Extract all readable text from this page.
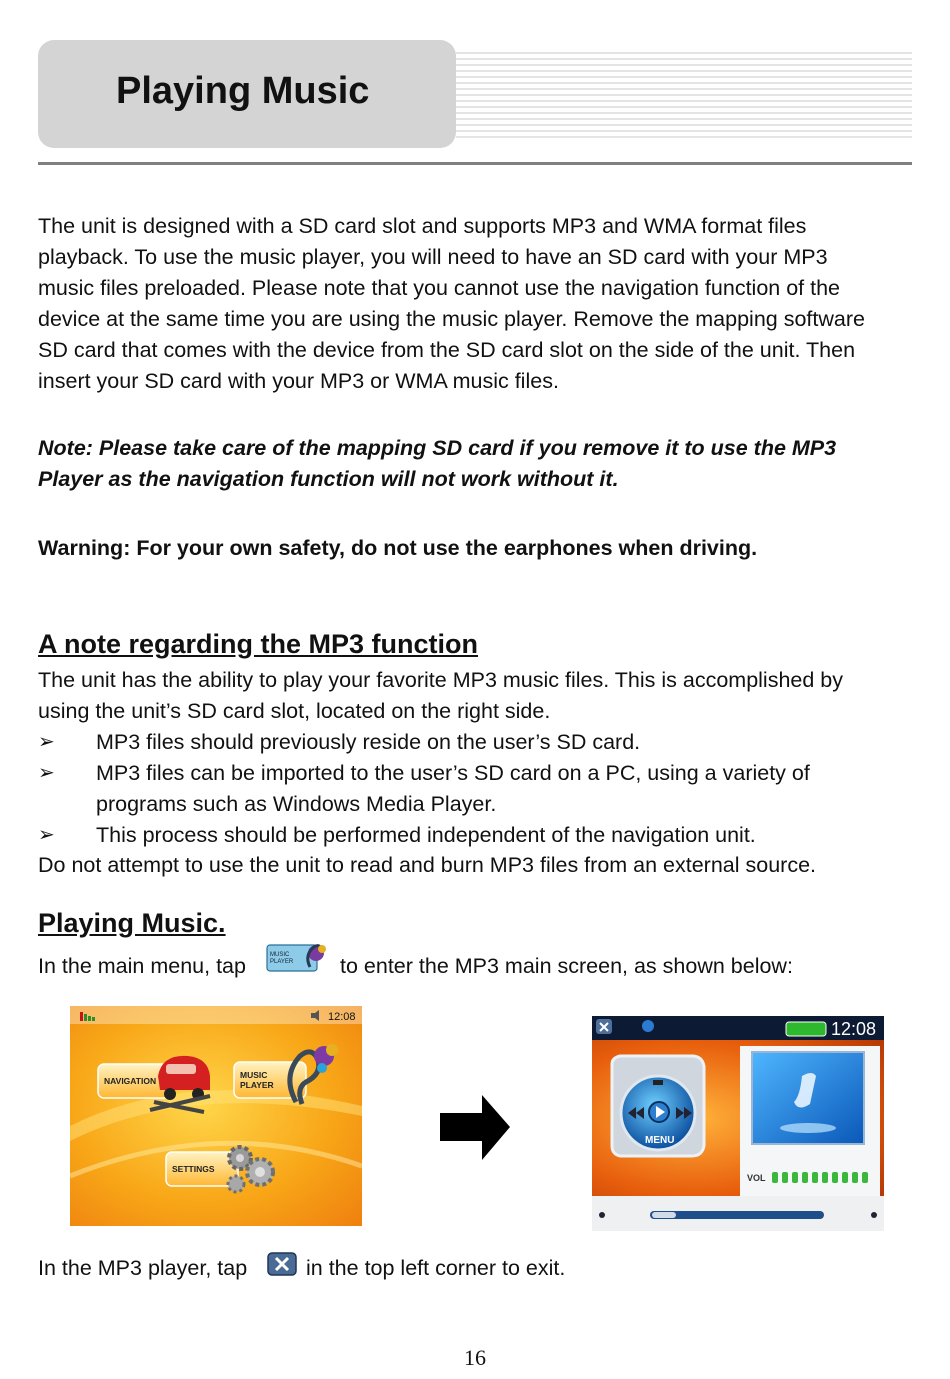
Playing Music
The unit is designed with a SD card slot and supports MP3 and WMA format files
playback. To use the music player, you will need to have an SD card with your MP3
music files preloaded. Please note that you cannot use the navigation function of the
device at the same time you are using the music player. Remove the mapping software
SD card that comes with the device from the SD card slot on the side of the unit. Then
insert your SD card with your MP3 or WMA music files.
Note: Please take care of the mapping SD card if you remove it to use the MP3
Player as the navigation function will not work without it.
Warning: For your own safety, do not use the earphones when driving.
A note regarding the MP3 function
The unit has the ability to play your favorite MP3 music files. This is accomplished by
using the unit’s SD card slot, located on the right side.
➢ MP3 files should previously reside on the user’s SD card.
➢ MP3 files can be imported to the user’s SD card on a PC, using a variety of
programs such as Windows Media Player.
➢ This process should be performed independent of the navigation unit.
Do not attempt to use the unit to read and burn MP3 files from an external source.
Playing Music.
In the main menu, tap	MUSIC
PLAYER to enter the MP3 main screen, as shown below:
12:08
NAVIGATION
MUSIC
PLAYER
SETTINGS
12:08
MENU
VOL
In the MP3 player, tap	in the top left corner to exit.
16
